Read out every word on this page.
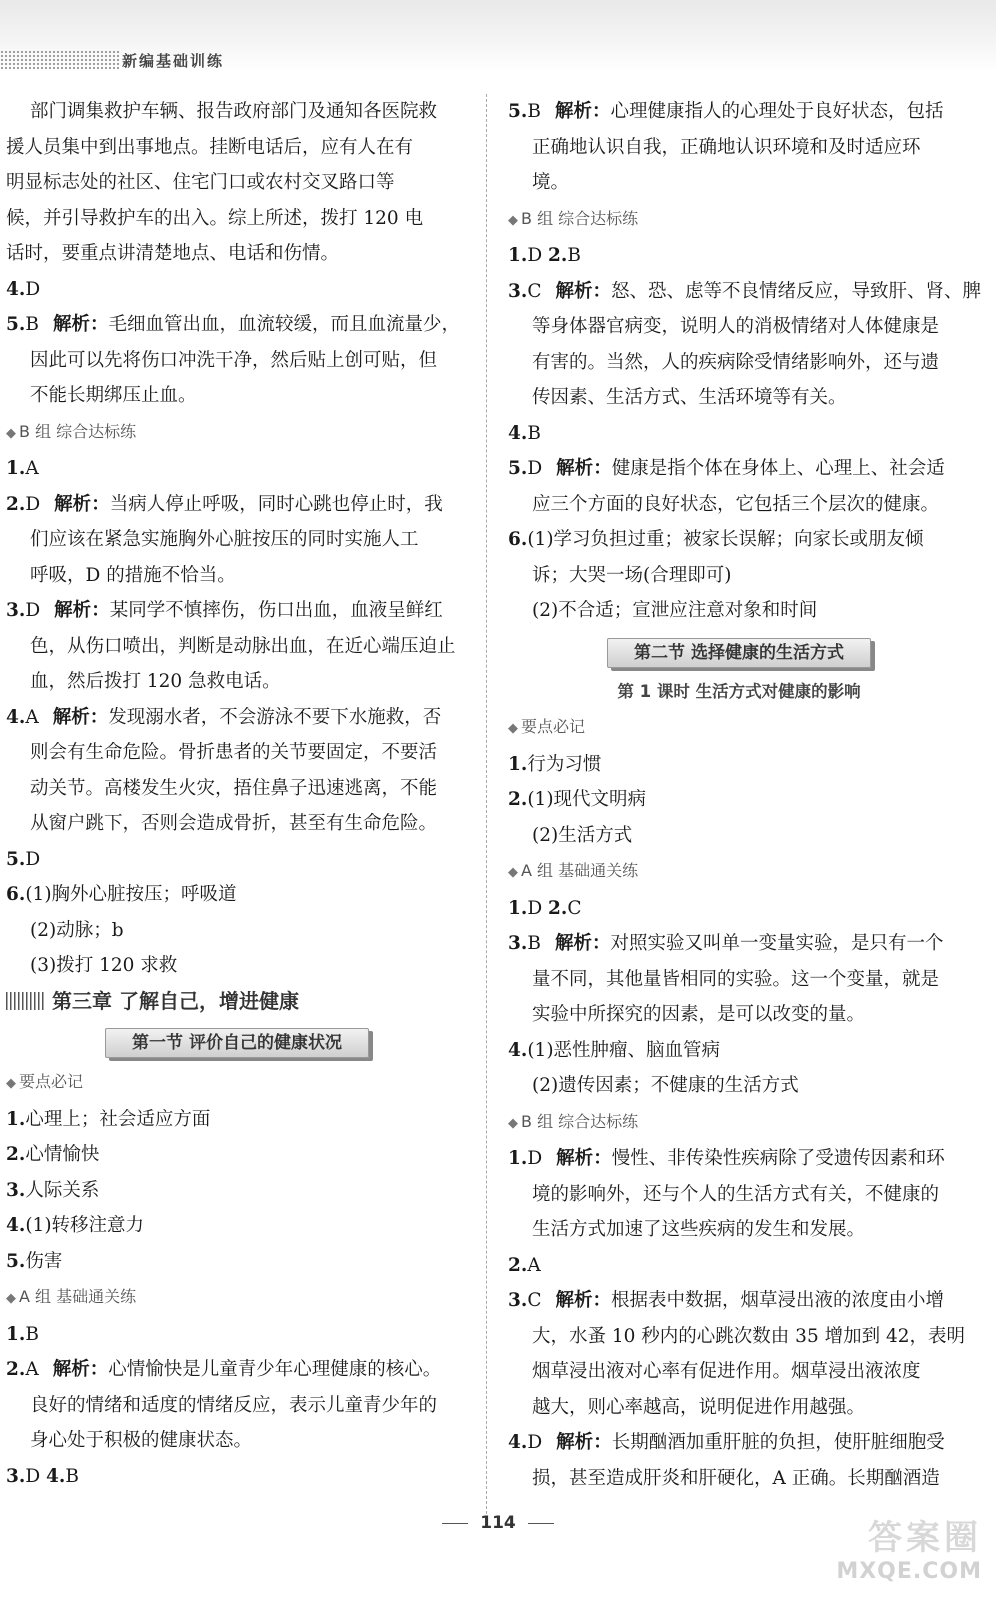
新编基础训练
部门调集救护车辆、报告政府部门及通知各医院救
援人员集中到出事地点。挂断电话后，应有人在有
明显标志处的社区、住宅门口或农村交叉路口等
候，并引导救护车的出入。综上所述，拨打 120 电
话时，要重点讲清楚地点、电话和伤情。
4.D
5.B 解析：毛细血管出血，血流较缓，而且血流量少，
因此可以先将伤口冲洗干净，然后贴上创可贴，但
不能长期绑压止血。
◆ B 组 综合达标练
1.A
2.D 解析：当病人停止呼吸，同时心跳也停止时，我
们应该在紧急实施胸外心脏按压的同时实施人工
呼吸，D 的措施不恰当。
3.D 解析：某同学不慎摔伤，伤口出血，血液呈鲜红
色，从伤口喷出，判断是动脉出血，在近心端压迫止
血，然后拨打 120 急救电话。
4.A 解析：发现溺水者，不会游泳不要下水施救，否
则会有生命危险。骨折患者的关节要固定，不要活
动关节。高楼发生火灾，捂住鼻子迅速逃离，不能
从窗户跳下，否则会造成骨折，甚至有生命危险。
5.D
6.(1)胸外心脏按压；呼吸道
(2)动脉；b
(3)拨打 120 求救
第三章 了解自己，增进健康
第一节 评价自己的健康状况
◆ 要点必记
1.心理上；社会适应方面
2.心情愉快
3.人际关系
4.(1)转移注意力
5.伤害
◆ A 组 基础通关练
1.B
2.A 解析：心情愉快是儿童青少年心理健康的核心。
良好的情绪和适度的情绪反应，表示儿童青少年的
身心处于积极的健康状态。
3.D 4.B
5.B 解析：心理健康指人的心理处于良好状态，包括
正确地认识自我，正确地认识环境和及时适应环
境。
◆ B 组 综合达标练
1.D 2.B
3.C 解析：怒、恐、虑等不良情绪反应，导致肝、肾、脾
等身体器官病变，说明人的消极情绪对人体健康是
有害的。当然，人的疾病除受情绪影响外，还与遗
传因素、生活方式、生活环境等有关。
4.B
5.D 解析：健康是指个体在身体上、心理上、社会适
应三个方面的良好状态，它包括三个层次的健康。
6.(1)学习负担过重；被家长误解；向家长或朋友倾
诉；大哭一场(合理即可)
(2)不合适；宣泄应注意对象和时间
第二节 选择健康的生活方式
第 1 课时 生活方式对健康的影响
◆ 要点必记
1.行为习惯
2.(1)现代文明病
(2)生活方式
◆ A 组 基础通关练
1.D 2.C
3.B 解析：对照实验又叫单一变量实验，是只有一个
量不同，其他量皆相同的实验。这一个变量，就是
实验中所探究的因素，是可以改变的量。
4.(1)恶性肿瘤、脑血管病
(2)遗传因素；不健康的生活方式
◆ B 组 综合达标练
1.D 解析：慢性、非传染性疾病除了受遗传因素和环
境的影响外，还与个人的生活方式有关，不健康的
生活方式加速了这些疾病的发生和发展。
2.A
3.C 解析：根据表中数据，烟草浸出液的浓度由小增
大，水蚤 10 秒内的心跳次数由 35 增加到 42，表明
烟草浸出液对心率有促进作用。烟草浸出液浓度
越大，则心率越高，说明促进作用越强。
4.D 解析：长期酗酒加重肝脏的负担，使肝脏细胞受
损，甚至造成肝炎和肝硬化，A 正确。长期酗酒造
114	答案圈
MXQE.COM
